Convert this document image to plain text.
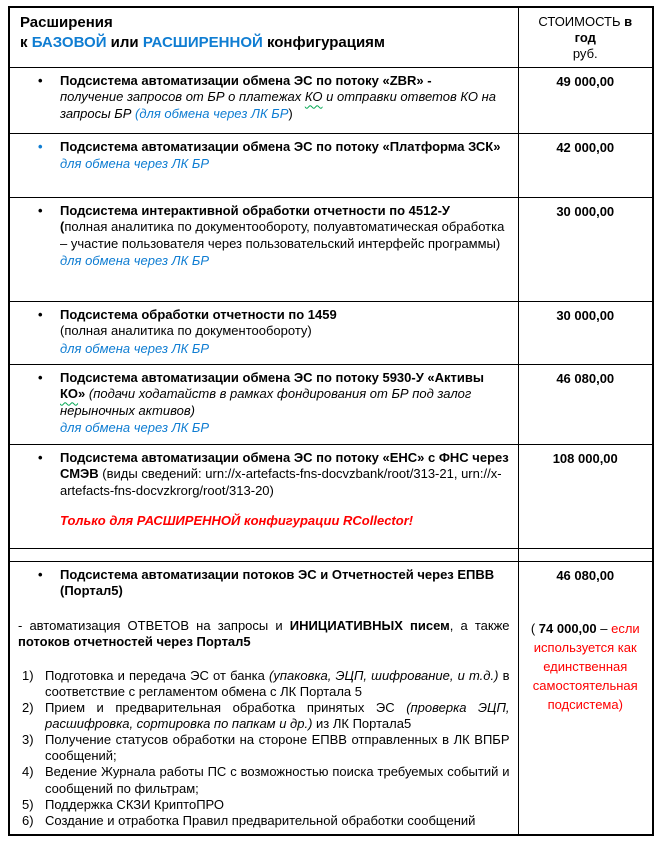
Расширения
к БАЗОВОЙ или РАСШИРЕННОЙ конфигурациям	СТОИМОСТЬ в год
руб.

•
Подсистема автоматизации обмена ЭС по потоку «ZBR» -
получение запросов от БР о платежах КО и отправки ответов КО на запросы БР (для обмена через ЛК БР)	49 000,00

•
Подсистема автоматизации обмена ЭС по потоку «Платформа ЗСК»
для обмена через ЛК БР	42 000,00

•
Подсистема интерактивной обработки отчетности по 4512-У
(полная аналитика по документообороту, полуавтоматическая обработка – участие пользователя через пользовательский интерфейс программы)
для обмена через ЛК БР	30 000,00

•
Подсистема обработки отчетности по 1459
(полная аналитика по документообороту)
для обмена через ЛК БР	30 000,00

•
Подсистема автоматизации обмена ЭС по потоку 5930-У «Активы КО» (подачи ходатайств в рамках фондирования от БР под залог нерыночных активов)
для обмена через ЛК БР	46 080,00

•
Подсистема автоматизации обмена ЭС по потоку «ЕНС» с ФНС через СМЭВ (виды сведений: urn://x-artefacts-fns-docvzbank/root/313-21, urn://x-artefacts-fns-docvzkrorg/root/313-20)
Только для РАСШИРЕННОЙ конфигурации RCollector!	108 000,00

•
Подсистема автоматизации потоков ЭС и Отчетностей через ЕПВВ (Портал5)
- автоматизация ОТВЕТОВ на запросы и ИНИЦИАТИВНЫХ писем, а также потоков отчетностей через Портал5
1) Подготовка и передача ЭС от банка (упаковка, ЭЦП, шифрование, и т.д.) в соответствие с регламентом обмена с ЛК Портала 5
2) Прием и предварительная обработка принятых ЭС (проверка ЭЦП, расшифровка, сортировка по папкам и др.) из ЛК Портала5
3) Получение статусов обработки на стороне ЕПВВ отправленных в ЛК ВПБР сообщений;
4) Ведение Журнала работы ПС с возможностью поиска требуемых событий и сообщений по фильтрам;
5) Поддержка СКЗИ КриптоПРО
6) Создание и отработка Правил предварительной обработки сообщений

46 080,00
( 74 000,00 – если используется как единственная самостоятельная подсистема)
